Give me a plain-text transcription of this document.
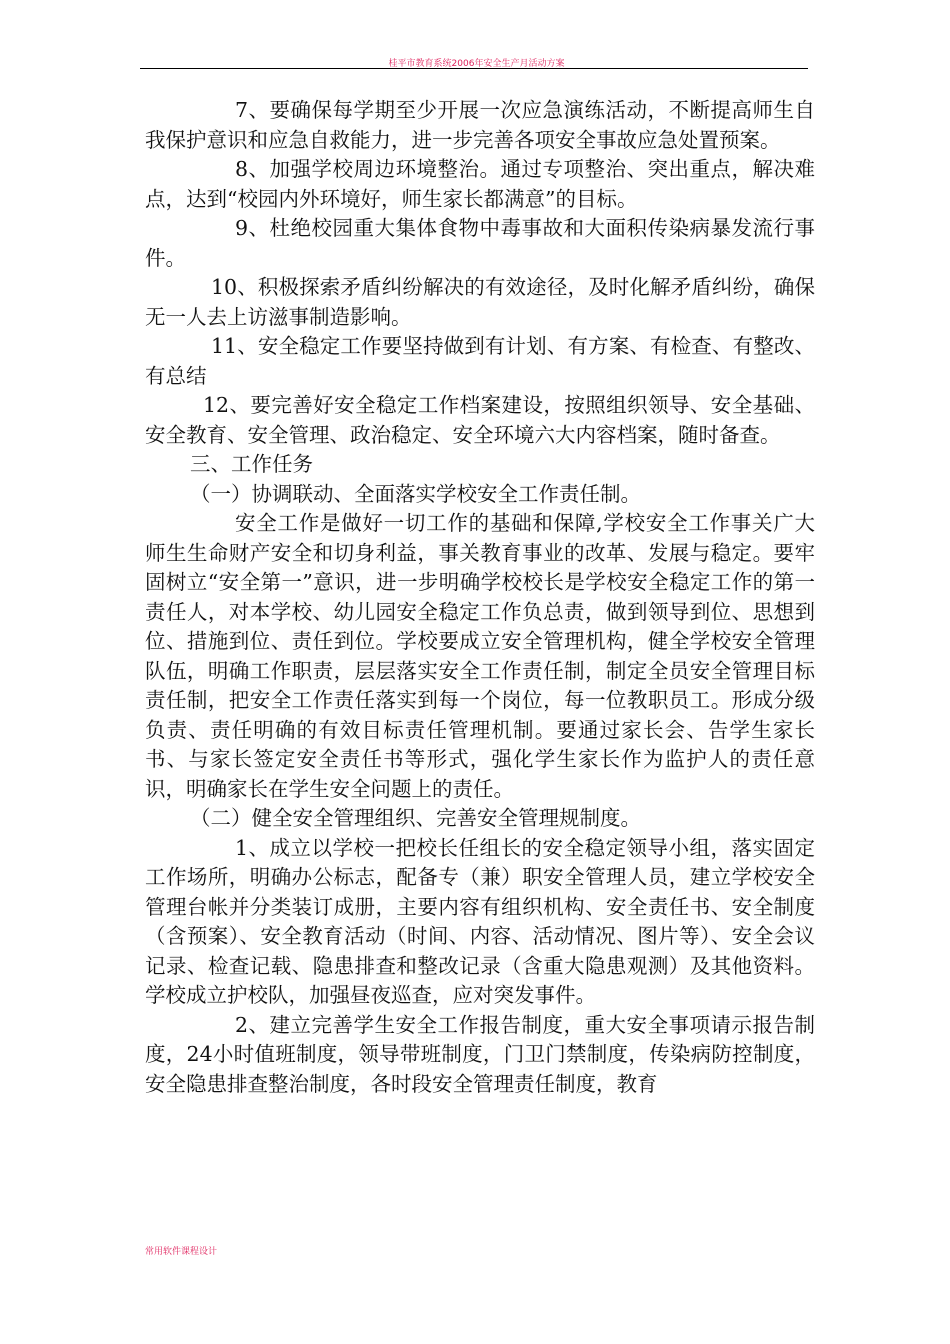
桂平市教育系统2006年安全生产月活动方案

7、要确保每学期至少开展一次应急演练活动，不断提高师生自我保护意识和应急自救能力，进一步完善各项安全事故应急处置预案。

8、加强学校周边环境整治。通过专项整治、突出重点，解决难点，达到“校园内外环境好，师生家长都满意”的目标。

9、杜绝校园重大集体食物中毒事故和大面积传染病暴发流行事件。

10、积极探索矛盾纠纷解决的有效途径，及时化解矛盾纠纷，确保无一人去上访滋事制造影响。

11、安全稳定工作要坚持做到有计划、有方案、有检查、有整改、有总结

12、要完善好安全稳定工作档案建设，按照组织领导、安全基础、安全教育、安全管理、政治稳定、安全环境六大内容档案，随时备查。

三、工作任务

（一）协调联动、全面落实学校安全工作责任制。

安全工作是做好一切工作的基础和保障,学校安全工作事关广大师生生命财产安全和切身利益，事关教育事业的改革、发展与稳定。要牢固树立“安全第一”意识，进一步明确学校校长是学校安全稳定工作的第一责任人，对本学校、幼儿园安全稳定工作负总责，做到领导到位、思想到位、措施到位、责任到位。学校要成立安全管理机构，健全学校安全管理队伍，明确工作职责，层层落实安全工作责任制，制定全员安全管理目标责任制，把安全工作责任落实到每一个岗位，每一位教职员工。形成分级负责、责任明确的有效目标责任管理机制。要通过家长会、告学生家长书、与家长签定安全责任书等形式，强化学生家长作为监护人的责任意识，明确家长在学生安全问题上的责任。

（二）健全安全管理组织、完善安全管理规制度。

1、成立以学校一把校长任组长的安全稳定领导小组，落实固定工作场所，明确办公标志，配备专（兼）职安全管理人员，建立学校安全管理台帐并分类装订成册，主要内容有组织机构、安全责任书、安全制度（含预案）、安全教育活动（时间、内容、活动情况、图片等）、安全会议记录、检查记载、隐患排查和整改记录（含重大隐患观测）及其他资料。学校成立护校队，加强昼夜巡查，应对突发事件。

2、建立完善学生安全工作报告制度，重大安全事项请示报告制度，24小时值班制度，领导带班制度，门卫门禁制度，传染病防控制度，安全隐患排查整治制度，各时段安全管理责任制度，教育

常用软件课程设计
